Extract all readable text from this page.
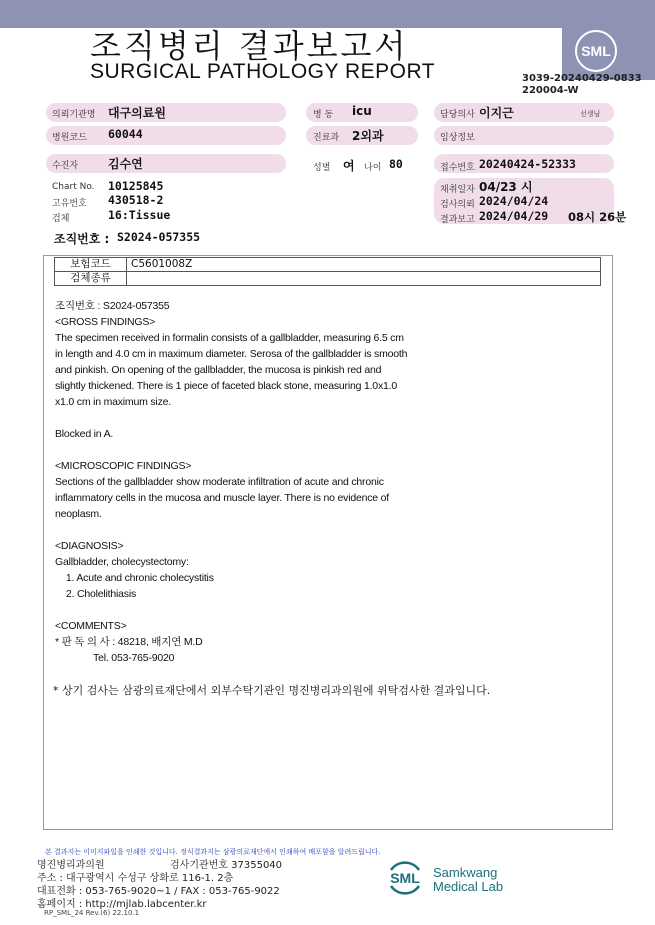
조직병리 결과보고서
SURGICAL PATHOLOGY REPORT
SML
3039-20240429-0833
220004-W
의뢰기관명 대구의료원	병 동 icu	담당의사 이지근	선생님
병원코드 60044	진료과 2외과	임상정보
수진자 김수연	성별 여 나이 80	접수번호 20240424-52333
Chart No. 10125845
고유번호 430518-2
검체	16:Tissue
채취일자 04/23 시
검사의뢰 2024/04/24
결과보고 2024/04/29 08시 26분
조직번호 : S2024-057355
보험코드	C5601008Z
검체종류	
조직번호 : S2024-057355
<GROSS FINDINGS>
The specimen received in formalin consists of a gallbladder, measuring 6.5 cm
in length and 4.0 cm in maximum diameter. Serosa of the gallbladder is smooth
and pinkish. On opening of the gallbladder, the mucosa is pinkish red and
slightly thickened. There is 1 piece of faceted black stone, measuring 1.0x1.0
x1.0 cm in maximum size.

Blocked in A.

<MICROSCOPIC FINDINGS>
Sections of the gallbladder show moderate infiltration of acute and chronic
inflammatory cells in the mucosa and muscle layer. There is no evidence of
neoplasm.

<DIAGNOSIS>
Gallbladder, cholecystectomy:
1. Acute and chronic cholecystitis
2. Cholelithiasis

<COMMENTS>
* 판 독 의 사 : 48218, 배지연 M.D
Tel. 053-765-9020
* 상기 검사는 삼광의료재단에서 외부수탁기관인 명진병리과의원에 위탁검사한 결과입니다.
본 결과지는 이미지파일을 인쇄한 것입니다. 정식결과지는 삼광의료재단에서 인쇄하여 배포함을 알려드립니다.
명진병리과의원	검사기관번호 37355040
주소 : 대구광역시 수성구 상화로 116-1. 2층
대표전화 : 053-765-9020~1 / FAX : 053-765-9022
홈페이지 : http://mjlab.labcenter.kr
SML Samkwang
Medical Lab
RP_SML_24 Rev.(6) 22.10.1
